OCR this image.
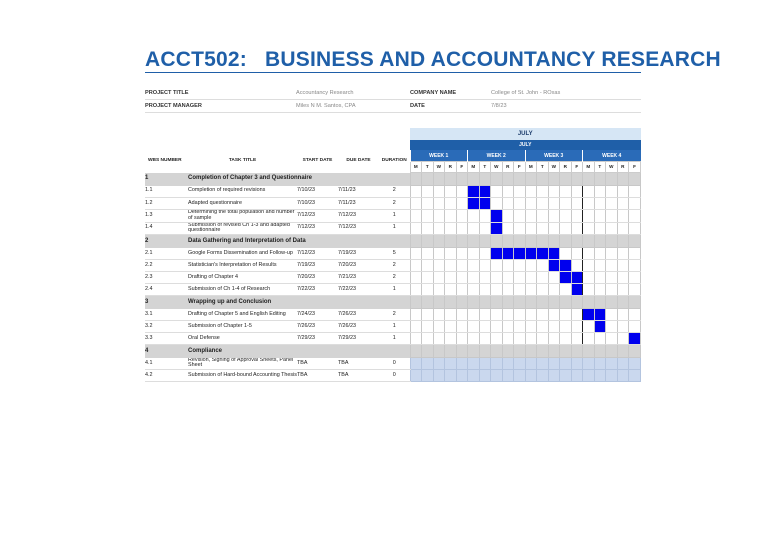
ACCT502:   BUSINESS AND ACCOUNTANCY RESEARCH
PROJECT TITLE	Accountancy Research	COMPANY NAME	College of St. John - ROxas
PROJECT MANAGER	Miles N M. Santos, CPA	DATE	7/8/23
					JULY																			
					JULY																			
WBS NUMBER	TASK TITLE	START DATE	DUE DATE	DURATION	WEEK 1					WEEK 2					WEEK 3					WEEK 4				
					M	T	W	R	F	M	T	W	R	F	M	T	W	R	F	M	T	W	R	F

1	Completion of Chapter 3 and Questionnaire																							

1.1	Completion of required revisions	7/10/23	7/11/23	2																				

1.2	Adapted questionnaire	7/10/23	7/11/23	2																				

1.3	Determining the total population and number of sample	7/12/23	7/12/23	1																				

1.4	Submission of revised Ch 1-3 and adapted questionnaire	7/12/23	7/12/23	1																				

2	Data Gathering and Interpretation of Data																							

2.1	Google Forms Dissemination and Follow-up	7/12/23	7/19/23	5																				

2.2	Statistician's Interpretation of Results	7/19/23	7/20/23	2																				

2.3	Drafting of Chapter 4	7/20/23	7/21/23	2																				

2.4	Submission of Ch 1-4 of Research	7/22/23	7/22/23	1																				

3	Wrapping up and Conclusion																							

3.1	Drafting of Chapter 5 and English Editing	7/24/23	7/26/23	2																				

3.2	Submission of Chapter 1-5	7/26/23	7/26/23	1																				

3.3	Oral Defense	7/29/23	7/29/23	1																				

4	Compliance																							

4.1	Revision, Signing of Approval Sheets, Panel Sheet	TBA	TBA	0																				

4.2	Submission of Hard-bound Accounting Thesis	TBA	TBA	0																				
